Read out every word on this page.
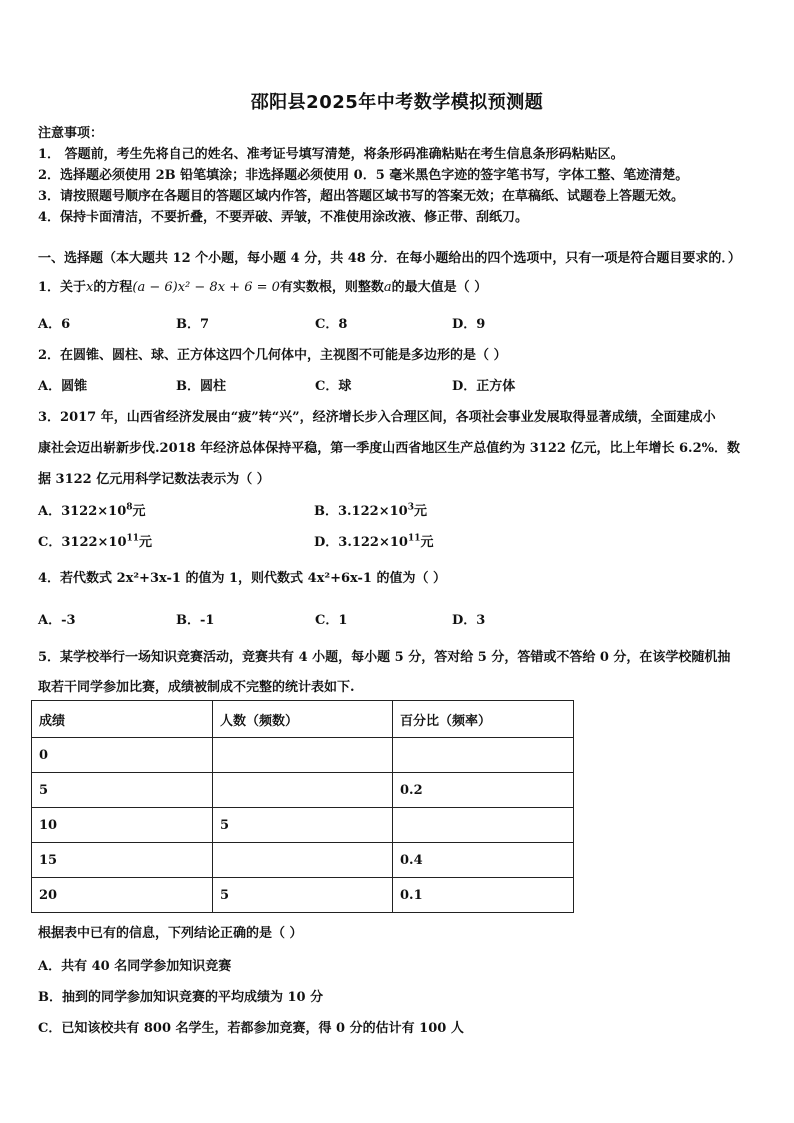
邵阳县2025年中考数学模拟预测题
注意事项：
1． 答题前，考生先将自己的姓名、准考证号填写清楚，将条形码准确粘贴在考生信息条形码粘贴区。
2．选择题必须使用 2B 铅笔填涂；非选择题必须使用 0．5 毫米黑色字迹的签字笔书写，字体工整、笔迹清楚。
3．请按照题号顺序在各题目的答题区域内作答，超出答题区域书写的答案无效；在草稿纸、试题卷上答题无效。
4．保持卡面清洁，不要折叠，不要弄破、弄皱，不准使用涂改液、修正带、刮纸刀。
一、选择题（本大题共 12 个小题，每小题 4 分，共 48 分．在每小题给出的四个选项中，只有一项是符合题目要求的．）
1．关于x的方程(a − 6)x² − 8x + 6 = 0有实数根，则整数a的最大值是（ ）
A．6	B．7	C．8	D．9
2．在圆锥、圆柱、球、正方体这四个几何体中，主视图不可能是多边形的是（ ）
A．圆锥	B．圆柱	C．球	D．正方体
3．2017 年，山西省经济发展由“疲”转“兴”，经济增长步入合理区间，各项社会事业发展取得显著成绩，全面建成小
康社会迈出崭新步伐.2018 年经济总体保持平稳，第一季度山西省地区生产总值约为 3122 亿元，比上年增长 6.2%．数
据 3122 亿元用科学记数法表示为（ ）
A．$3122\times 10^8$元	B．$3.122\times 10^3$元
C．$3122\times 10^{11}$元	D．$3.122\times 10^{11}$元
4．若代数式 2x²+3x-1 的值为 1，则代数式 4x²+6x-1 的值为（ ）
A．-3	B．-1	C．1	D．3
5．某学校举行一场知识竞赛活动，竞赛共有 4 小题，每小题 5 分，答对给 5 分，答错或不答给 0 分，在该学校随机抽
取若干同学参加比赛，成绩被制成不完整的统计表如下.
成绩	人数（频数）	百分比（频率）
0		
5		0.2
10	5	
15		0.4
20	5	0.1
根据表中已有的信息，下列结论正确的是（ ）
A．共有 40 名同学参加知识竞赛
B．抽到的同学参加知识竞赛的平均成绩为 10 分
C．已知该校共有 800 名学生，若都参加竞赛，得 0 分的估计有 100 人
